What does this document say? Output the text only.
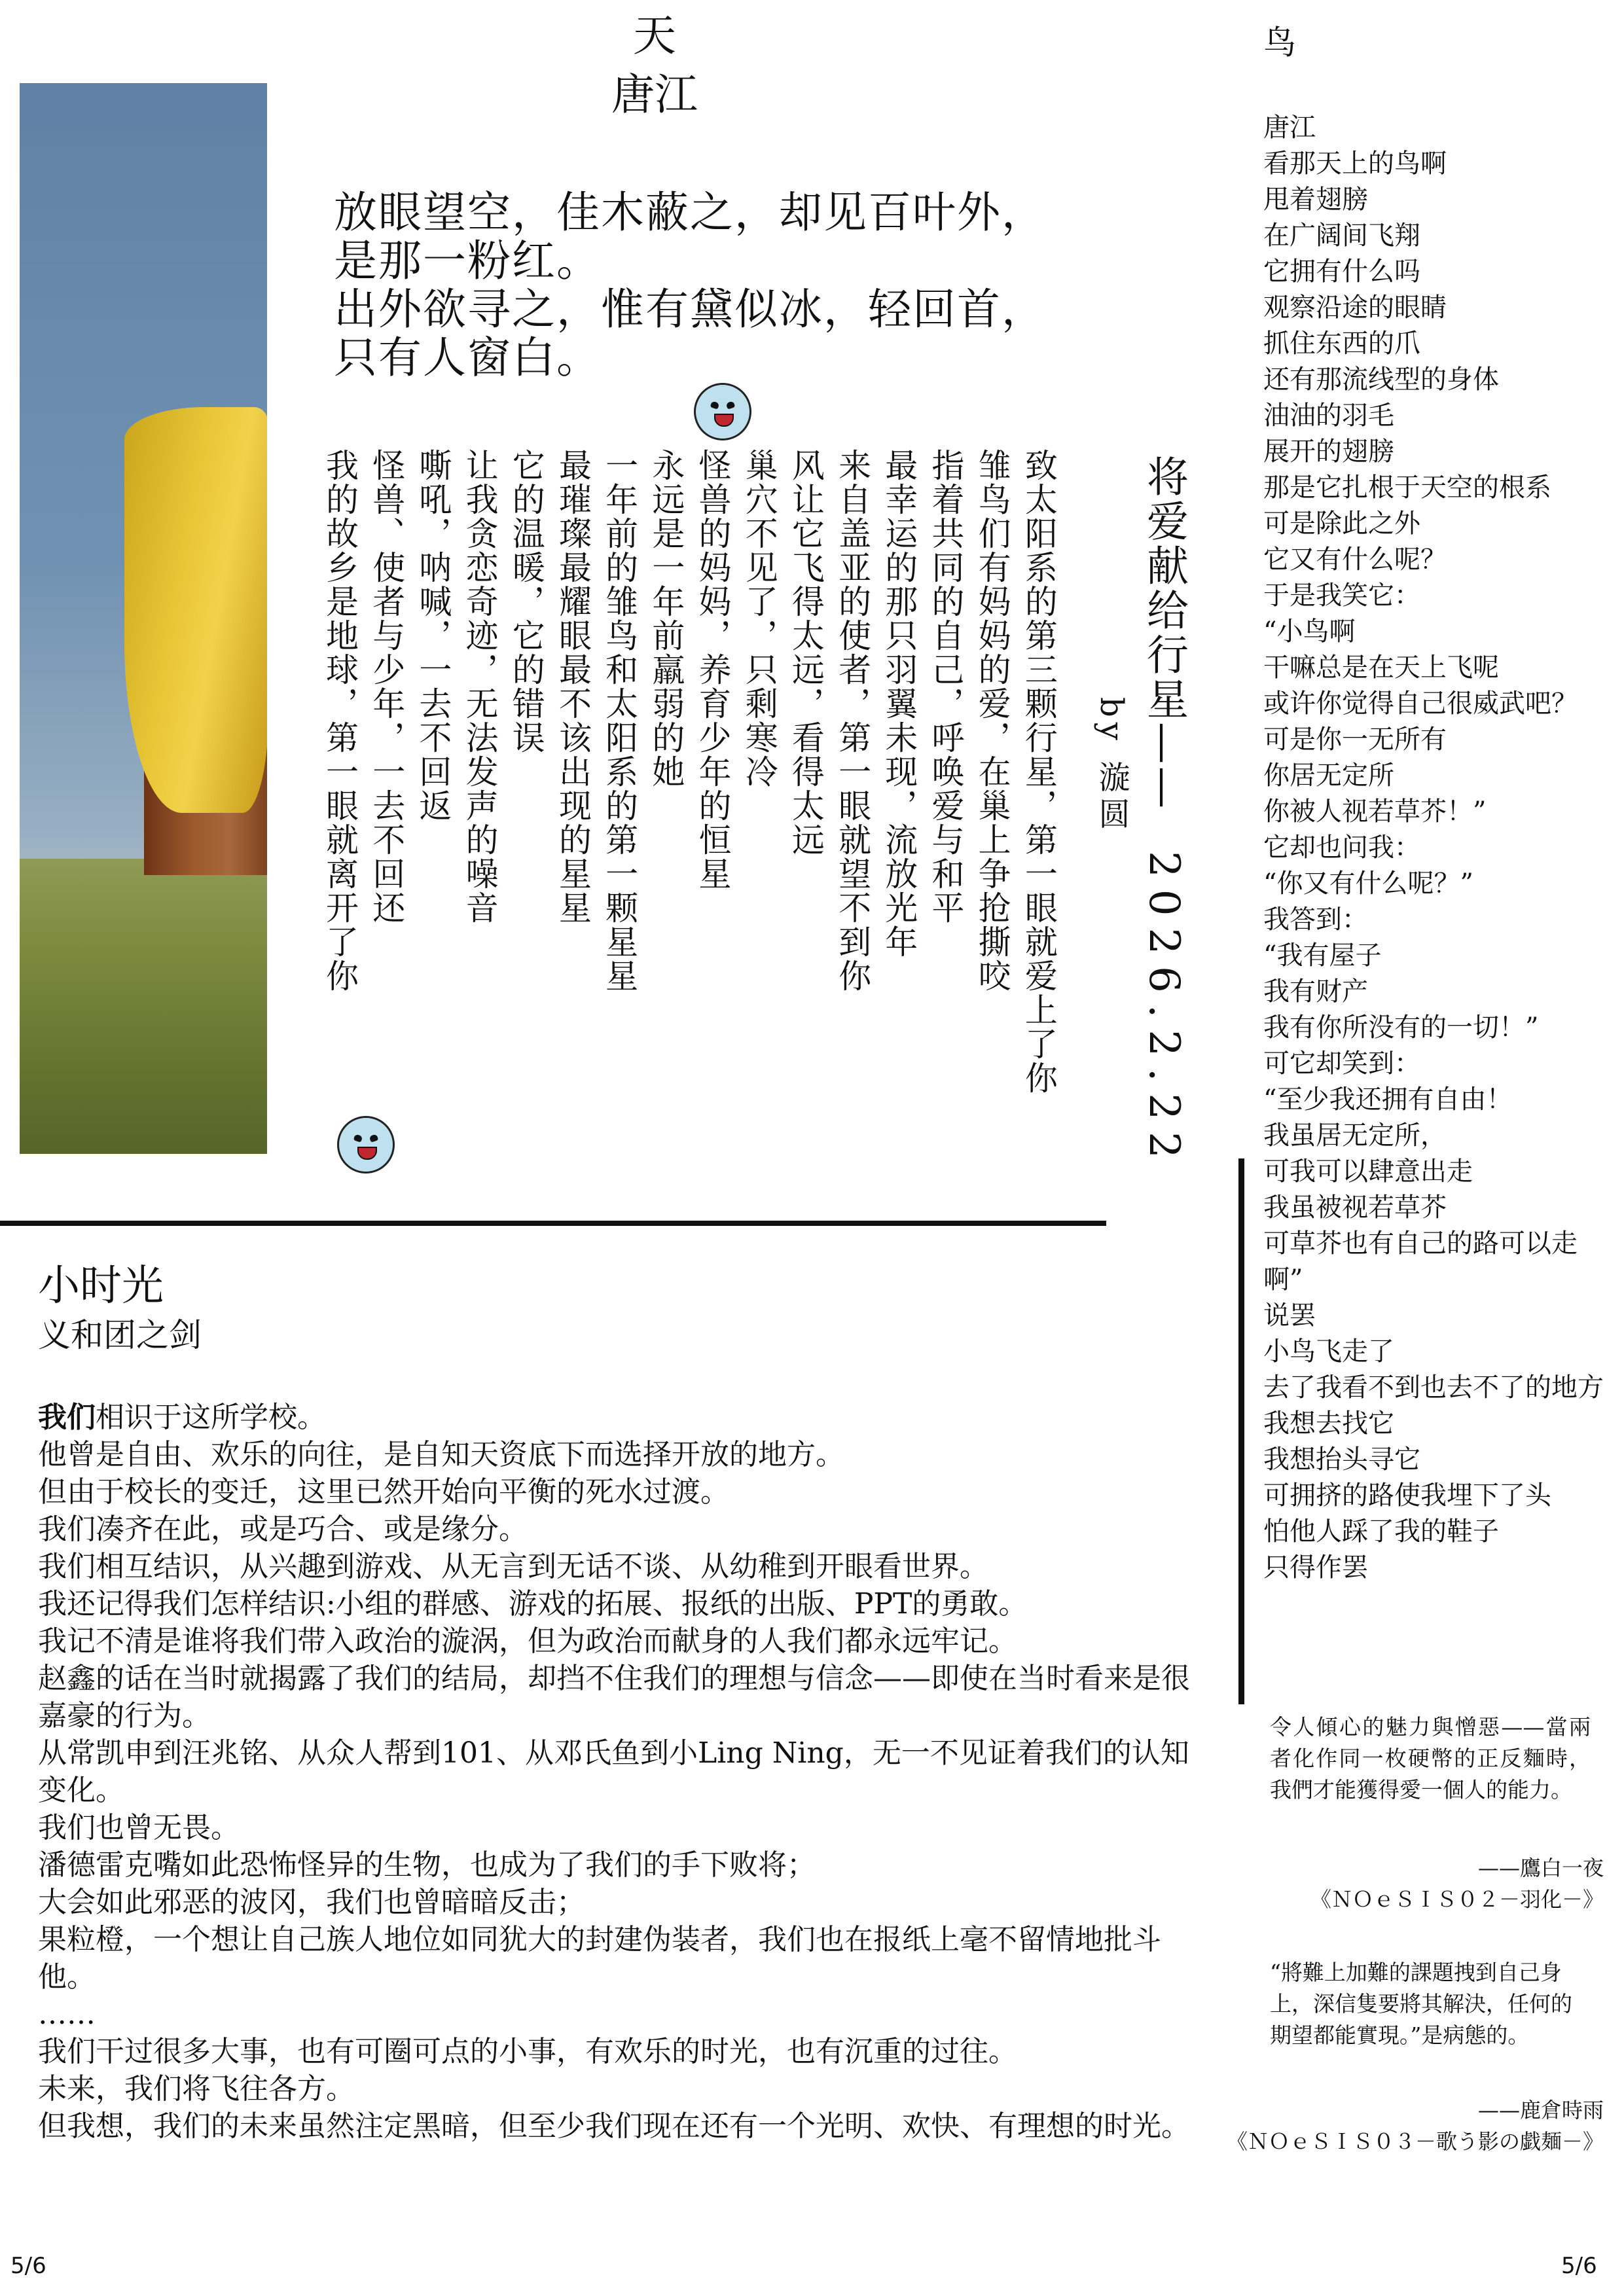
天
唐江
放眼望空，佳木蔽之，却见百叶外，
是那一粉红。
出外欲寻之，惟有黛似冰，轻回首，
只有人窗白。
致太阳系的第三颗行星，第一眼就爱上了你
雏鸟们有妈妈的爱，在巢上争抢撕咬
指着共同的自己，呼唤爱与和平
最幸运的那只羽翼未现，流放光年
来自盖亚的使者，第一眼就望不到你
风让它飞得太远，看得太远
巢穴不见了，只剩寒冷
怪兽的妈妈，养育少年的恒星
永远是一年前羸弱的她
一年前的雏鸟和太阳系的第一颗星星
最璀璨最耀眼最不该出现的星星
它的温暖，它的错误
让我贪恋奇迹，无法发声的噪音
嘶吼，呐喊，一去不回返
怪兽、使者与少年，一去不回还
我的故乡是地球，第一眼就离开了你	将爱献给行星——
by 漩圆
2026.2.22
小时光
义和团之剑

我们相识于这所学校。

他曾是自由、欢乐的向往，是自知天资底下而选择开放的地方。

但由于校长的变迁，这里已然开始向平衡的死水过渡。

我们凑齐在此，或是巧合、或是缘分。

我们相互结识，从兴趣到游戏、从无言到无话不谈、从幼稚到开眼看世界。

我还记得我们怎样结识:小组的群感、游戏的拓展、报纸的出版、PPT的勇敢。

我记不清是谁将我们带入政治的漩涡，但为政治而献身的人我们都永远牢记。

赵鑫的话在当时就揭露了我们的结局，却挡不住我们的理想与信念——即使在当时看来是很嘉豪的行为。

从常凯申到汪兆铭、从众人帮到101、从邓氏鱼到小Ling Ning，无一不见证着我们的认知变化。

我们也曾无畏。

潘德雷克嘴如此恐怖怪异的生物，也成为了我们的手下败将；

大会如此邪恶的波冈，我们也曾暗暗反击；

果粒橙，一个想让自己族人地位如同犹大的封建伪装者，我们也在报纸上毫不留情地批斗他。

……

我们干过很多大事，也有可圈可点的小事，有欢乐的时光，也有沉重的过往。

未来，我们将飞往各方。

但我想，我们的未来虽然注定黑暗，但至少我们现在还有一个光明、欢快、有理想的时光。

鸟
唐江
看那天上的鸟啊
甩着翅膀
在广阔间飞翔
它拥有什么吗
观察沿途的眼睛
抓住东西的爪
还有那流线型的身体
油油的羽毛
展开的翅膀
那是它扎根于天空的根系
可是除此之外
它又有什么呢？
于是我笑它：
“小鸟啊
干嘛总是在天上飞呢
或许你觉得自己很威武吧？
可是你一无所有
你居无定所
你被人视若草芥！”
它却也问我：
“你又有什么呢？”
我答到：
“我有屋子
我有财产
我有你所没有的一切！”
可它却笑到：
“至少我还拥有自由！
我虽居无定所，
可我可以肆意出走
我虽被视若草芥
可草芥也有自己的路可以走啊”
说罢
小鸟飞走了
去了我看不到也去不了的地方
我想去找它
我想抬头寻它
可拥挤的路使我埋下了头
怕他人踩了我的鞋子
只得作罢
令人傾心的魅力與憎惡——當兩者化作同一枚硬幣的正反麵時，我們才能獲得愛一個人的能力。
——鷹白一夜
《ＮＯｅＳＩＳ０２－羽化－》
“將難上加難的課題拽到自己身上，深信隻要將其解決，任何的期望都能實現。”是病態的。
——鹿倉時雨
《ＮＯｅＳＩＳ０３－歌う影の戯麺－》
5/6	5/6
